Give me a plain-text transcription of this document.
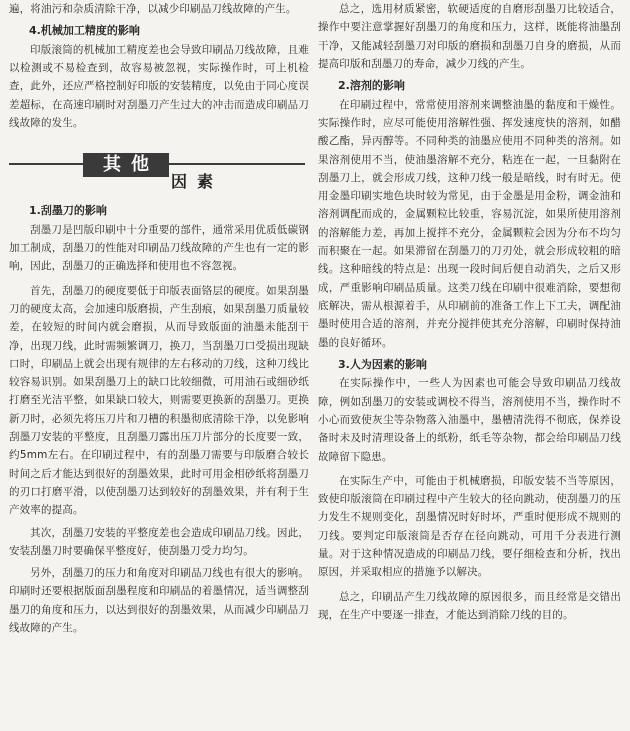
遍，将油污和杂质清除干净，以减少印刷品刀线故障的产生。

4.机械加工精度的影响

印版滚筒的机械加工精度差也会导致印刷品刀线故障，且难以检测或不易检查到，故容易被忽视，实际操作时，可上机检查，此外，还应严格控制好印版的安装精度，以免由于同心度误差超标，在高速印刷时对刮墨刀产生过大的冲击而造成印刷品刀线故障的发生。

其他
因素
1.刮墨刀的影响

刮墨刀是凹版印刷中十分重要的部件，通常采用优质低碳钢加工制成，刮墨刀的性能对印刷品刀线故障的产生也有一定的影响，因此，刮墨刀的正确选择和使用也不容忽视。

首先，刮墨刀的硬度要低于印版表面铬层的硬度。如果刮墨刀的硬度太高，会加速印版磨损，产生刮痕，如果刮墨刀质量较差，在较短的时间内就会磨损，从而导致版面的油墨未能刮干净，出现刀线，此时需频繁调刀，换刀，当刮墨刀口受损出现缺口时，印刷品上就会出现有规律的左右移动的刀线，这种刀线比较容易识别。如果刮墨刀上的缺口比较细微，可用油石或细砂纸打磨至光洁平整，如果缺口较大，则需要更换新的刮墨刀。更换新刀时，必须先将压刀片和刀槽的积墨彻底清除干净，以免影响刮墨刀安装的平整度，且刮墨刀露出压刀片部分的长度要一致，约5mm左右。在印刷过程中，有的刮墨刀需要与印版磨合较长时间之后才能达到很好的刮墨效果，此时可用金相砂纸将刮墨刀的刃口打磨平滑，以使刮墨刀达到较好的刮墨效果，并有利于生产效率的提高。

其次，刮墨刀安装的平整度差也会造成印刷品刀线。因此，安装刮墨刀时要确保平整度好，使刮墨刀受力均匀。

另外，刮墨刀的压力和角度对印刷品刀线也有很大的影响。印刷时还要根据版面刮墨程度和印刷品的着墨情况，适当调整刮墨刀的角度和压力，以达到很好的刮墨效果，从而减少印刷品刀线故障的产生。

总之，选用材质紧密，软硬适度的自磨形刮墨刀比较适合，操作中要注意掌握好刮墨刀的角度和压力，这样，既能将油墨刮干净，又能减轻刮墨刀对印版的磨损和刮墨刀自身的磨损，从而提高印版和刮墨刀的寿命，减少刀线的产生。

2.溶剂的影响

在印刷过程中，常常使用溶剂来调整油墨的黏度和干燥性。实际操作时，应尽可能使用溶解性强、挥发速度快的溶剂，如醋酸乙酯，异丙醇等。不同种类的油墨应使用不同种类的溶剂。如果溶剂使用不当，使油墨溶解不充分，粘连在一起，一旦黏附在刮墨刀上，就会形成刀线，这种刀线一般是暗线，时有时无。使用金墨印刷实地色块时较为常见，由于金墨是用金粉，调金油和溶剂调配而成的，金属颗粒比较重，容易沉淀，如果所使用溶剂的溶解能力差，再加上搅拌不充分，金属颗粒会因为分布不均匀而积聚在一起。如果滞留在刮墨刀的刀刃处，就会形成较粗的暗线。这种暗线的特点是：出现一段时间后便自动消失，之后又形成，严重影响印刷品质量。这类刀线在印刷中很难消除，要想彻底解决，需从根源着手，从印刷前的准备工作上下工夫，调配油墨时使用合适的溶剂，并充分搅拌使其充分溶解，印刷时保持油墨的良好循环。

3.人为因素的影响

在实际操作中，一些人为因素也可能会导致印刷品刀线故障，例如刮墨刀的安装或调校不得当，溶剂使用不当，操作时不小心而致使灰尘等杂物落入油墨中，墨槽清洗得不彻底，保养设备时未及时清理设备上的纸粉，纸毛等杂物，都会给印刷品刀线故障留下隐患。

在实际生产中，可能由于机械磨损，印版安装不当等原因，致使印版滚筒在印刷过程中产生较大的径向跳动，使刮墨刀的压力发生不规则变化，刮墨情况时好时坏，严重时便形成不规则的刀线。要判定印版滚筒是否存在径向跳动，可用千分表进行测量。对于这种情况造成的印刷品刀线，要仔细检查和分析，找出原因，并采取相应的措施予以解决。

总之，印刷品产生刀线故障的原因很多，而且经常是交错出现，在生产中要逐一排查，才能达到消除刀线的目的。
